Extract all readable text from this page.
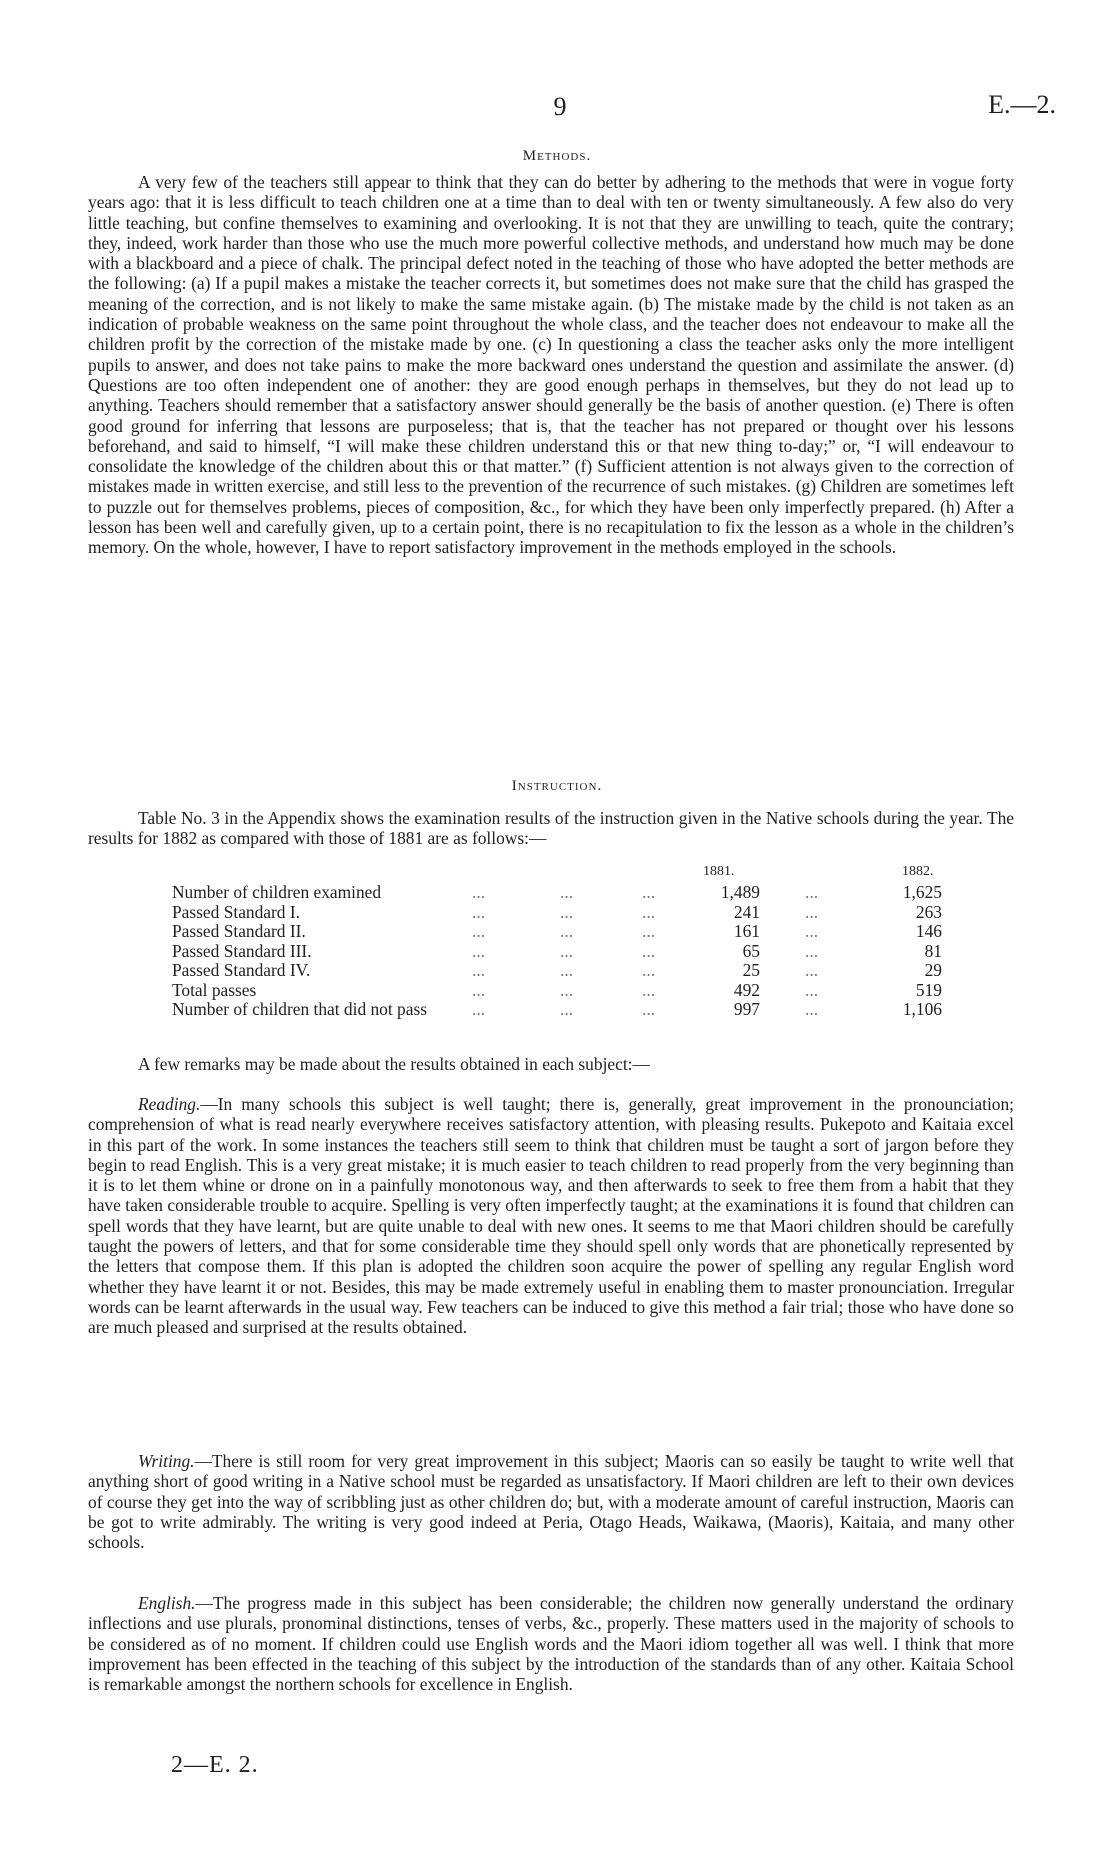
9	E.—2.
Methods.
A very few of the teachers still appear to think that they can do better by adhering to the methods that were in vogue forty years ago: that it is less difficult to teach children one at a time than to deal with ten or twenty simultaneously. A few also do very little teaching, but confine themselves to examining and overlooking. It is not that they are unwilling to teach, quite the contrary; they, indeed, work harder than those who use the much more powerful collective methods, and understand how much may be done with a blackboard and a piece of chalk. The principal defect noted in the teaching of those who have adopted the better methods are the following: (a) If a pupil makes a mistake the teacher corrects it, but sometimes does not make sure that the child has grasped the meaning of the correction, and is not likely to make the same mistake again. (b) The mistake made by the child is not taken as an indication of probable weakness on the same point throughout the whole class, and the teacher does not endeavour to make all the children profit by the correction of the mistake made by one. (c) In questioning a class the teacher asks only the more intelligent pupils to answer, and does not take pains to make the more backward ones understand the question and assimilate the answer. (d) Questions are too often independent one of another: they are good enough perhaps in themselves, but they do not lead up to anything. Teachers should remember that a satisfactory answer should generally be the basis of another question. (e) There is often good ground for inferring that lessons are purposeless; that is, that the teacher has not prepared or thought over his lessons beforehand, and said to himself, “I will make these children understand this or that new thing to-day;” or, “I will endeavour to consolidate the knowledge of the children about this or that matter.” (f) Sufficient attention is not always given to the correction of mistakes made in written exercise, and still less to the prevention of the recurrence of such mistakes. (g) Children are sometimes left to puzzle out for themselves problems, pieces of composition, &c., for which they have been only imperfectly prepared. (h) After a lesson has been well and carefully given, up to a certain point, there is no recapitulation to fix the lesson as a whole in the children’s memory. On the whole, however, I have to report satisfactory improvement in the methods employed in the schools.
Instruction.
Table No. 3 in the Appendix shows the examination results of the instruction given in the Native schools during the year. The results for 1882 as compared with those of 1881 are as follows:—
1881.	1882.
Number of children examined	...	...	...	1,489	...	1,625
Passed Standard I.	...	...	...	241	...	263
Passed Standard II.	...	...	...	161	...	146
Passed Standard III.	...	...	...	65	...	81
Passed Standard IV.	...	...	...	25	...	29
Total passes	...	...	...	492	...	519
Number of children that did not pass	...	...	...	997	...	1,106
A few remarks may be made about the results obtained in each subject:—
Reading.—In many schools this subject is well taught; there is, generally, great improvement in the pronounciation; comprehension of what is read nearly everywhere receives satisfactory attention, with pleasing results. Pukepoto and Kaitaia excel in this part of the work. In some instances the teachers still seem to think that children must be taught a sort of jargon before they begin to read English. This is a very great mistake; it is much easier to teach children to read properly from the very beginning than it is to let them whine or drone on in a painfully monotonous way, and then afterwards to seek to free them from a habit that they have taken considerable trouble to acquire. Spelling is very often imperfectly taught; at the examinations it is found that children can spell words that they have learnt, but are quite unable to deal with new ones. It seems to me that Maori children should be carefully taught the powers of letters, and that for some considerable time they should spell only words that are phonetically represented by the letters that compose them. If this plan is adopted the children soon acquire the power of spelling any regular English word whether they have learnt it or not. Besides, this may be made extremely useful in enabling them to master pronounciation. Irregular words can be learnt afterwards in the usual way. Few teachers can be induced to give this method a fair trial; those who have done so are much pleased and surprised at the results obtained.
Writing.—There is still room for very great improvement in this subject; Maoris can so easily be taught to write well that anything short of good writing in a Native school must be regarded as unsatisfactory. If Maori children are left to their own devices of course they get into the way of scribbling just as other children do; but, with a moderate amount of careful instruction, Maoris can be got to write admirably. The writing is very good indeed at Peria, Otago Heads, Waikawa, (Maoris), Kaitaia, and many other schools.
English.—The progress made in this subject has been considerable; the children now generally understand the ordinary inflections and use plurals, pronominal distinctions, tenses of verbs, &c., properly. These matters used in the majority of schools to be considered as of no moment. If children could use English words and the Maori idiom together all was well. I think that more improvement has been effected in the teaching of this subject by the introduction of the standards than of any other. Kaitaia School is remarkable amongst the northern schools for excellence in English.
2—E. 2.
